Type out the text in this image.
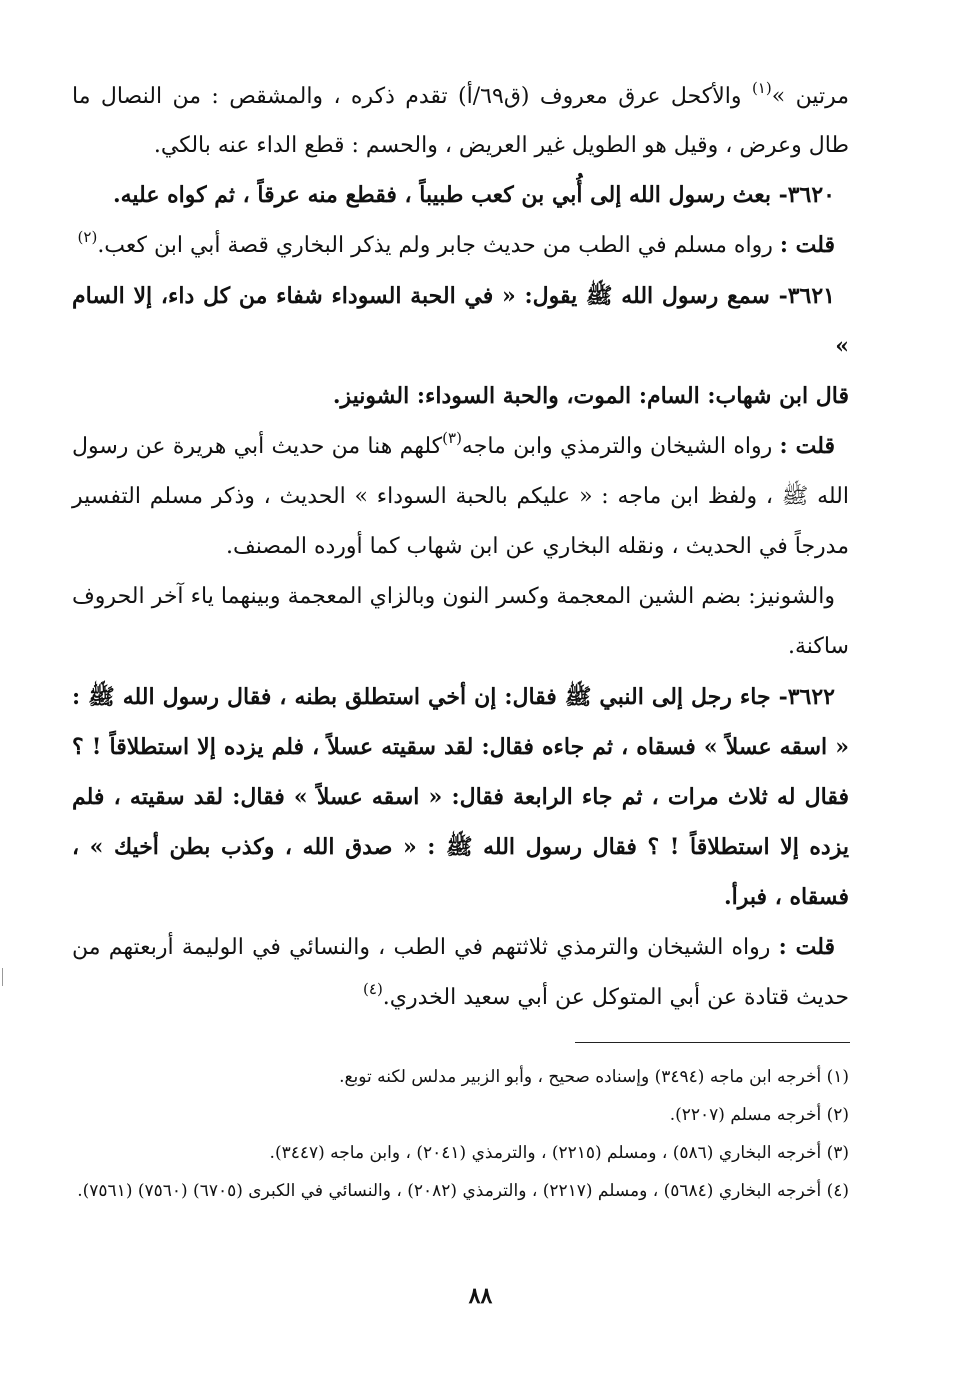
مرتين »$^{(١)}$ والأكحل عرق معروف (ق٦٩/أ) تقدم ذكره ، والمشقص : من النصال ما طال وعرض ، وقيل هو الطويل غير العريض ، والحسم : قطع الداء عنه بالكي.

٣٦٢٠- بعث رسول الله إلى أُبي بن كعب طبيباً ، فقطع منه عرقاً ، ثم كواه عليه.

قلت : رواه مسلم في الطب من حديث جابر ولم يذكر البخاري قصة أبي ابن كعب.$^{(٢)}$

٣٦٢١- سمع رسول الله ﷺ يقول: « في الحبة السوداء شفاء من كل داء، إلا السام »

قال ابن شهاب: السام: الموت، والحبة السوداء: الشونيز.

قلت : رواه الشيخان والترمذي وابن ماجه$^{(٣)}$كلهم هنا من حديث أبي هريرة عن رسول الله ﷺ ، ولفظ ابن ماجه : « عليكم بالحبة السوداء » الحديث ، وذكر مسلم التفسير مدرجاً في الحديث ، ونقله البخاري عن ابن شهاب كما أورده المصنف.

والشونيز: بضم الشين المعجمة وكسر النون وبالزاي المعجمة وبينهما ياء آخر الحروف ساكنة.

٣٦٢٢- جاء رجل إلى النبي ﷺ فقال: إن أخي استطلق بطنه ، فقال رسول الله ﷺ : « اسقه عسلاً » فسقاه ، ثم جاءه فقال: لقد سقيته عسلاً ، فلم يزده إلا استطلاقاً ! ؟ فقال له ثلاث مرات ، ثم جاء الرابعة فقال: « اسقه عسلاً » فقال: لقد سقيته ، فلم يزده إلا استطلاقاً ! ؟ فقال رسول الله ﷺ : « صدق الله ، وكذب بطن أخيك » ، فسقاه ، فبرأ.

قلت : رواه الشيخان والترمذي ثلاثتهم في الطب ، والنسائي في الوليمة أربعتهم من حديث قتادة عن أبي المتوكل عن أبي سعيد الخدري.$^{(٤)}$

(١) أخرجه ابن ماجه (٣٤٩٤) وإسناده صحيح ، وأبو الزبير مدلس لكنه توبع.

(٢) أخرجه مسلم (٢٢٠٧).

(٣) أخرجه البخاري (٥٨٦) ، ومسلم (٢٢١٥) ، والترمذي (٢٠٤١) ، وابن ماجه (٣٤٤٧).

(٤) أخرجه البخاري (٥٦٨٤) ، ومسلم (٢٢١٧) ، والترمذي (٢٠٨٢) ، والنسائي في الكبرى (٦٧٠٥) (٧٥٦٠) (٧٥٦١).

٨٨
